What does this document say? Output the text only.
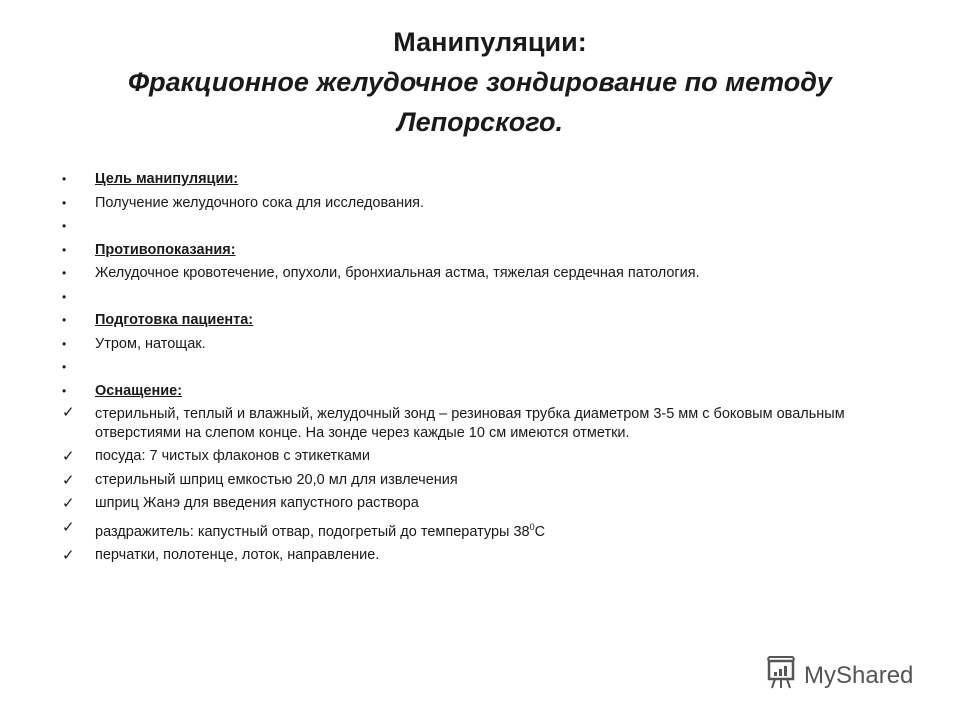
Манипуляции:
Фракционное желудочное зондирование по методу
Лепорского.
•	Цель манипуляции:
•	Получение желудочного сока для исследования.
•
•	Противопоказания:
•	Желудочное кровотечение, опухоли, бронхиальная астма, тяжелая сердечная патология.
•
•	Подготовка пациента:
•	Утром, натощак.
•
•	Оснащение:
✓	стерильный, теплый и влажный, желудочный зонд – резиновая трубка диаметром 3-5 мм с боковым овальным отверстиями на слепом конце. На зонде через каждые 10 см имеются отметки.
✓	посуда: 7 чистых флаконов с этикетками
✓	стерильный шприц емкостью 20,0 мл для извлечения
✓	шприц Жанэ для введения капустного раствора
✓	раздражитель: капустный отвар, подогретый до температуры $38^0С$
✓	перчатки, полотенце, лоток, направление.
MyShared
